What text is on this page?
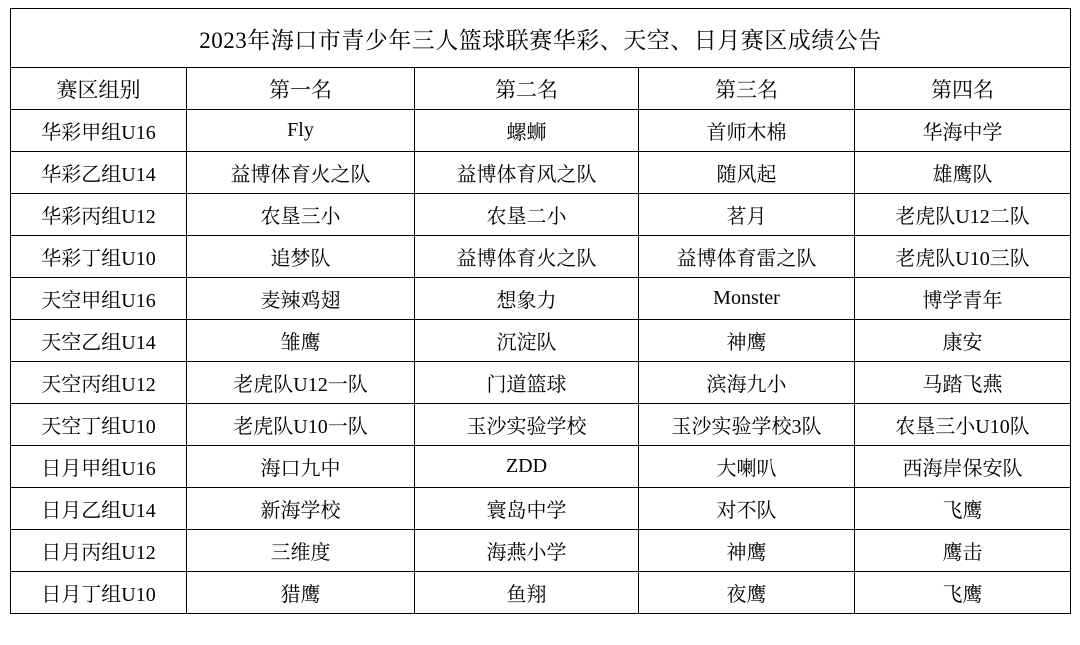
2023年海口市青少年三人篮球联赛华彩、天空、日月赛区成绩公告				
赛区组别	第一名	第二名	第三名	第四名
华彩甲组U16	Fly	螺蛳	首师木棉	华海中学
华彩乙组U14	益博体育火之队	益博体育风之队	随风起	雄鹰队
华彩丙组U12	农垦三小	农垦二小	茗月	老虎队U12二队
华彩丁组U10	追梦队	益博体育火之队	益博体育雷之队	老虎队U10三队
天空甲组U16	麦辣鸡翅	想象力	Monster	博学青年
天空乙组U14	雏鹰	沉淀队	神鹰	康安
天空丙组U12	老虎队U12一队	门道篮球	滨海九小	马踏飞燕
天空丁组U10	老虎队U10一队	玉沙实验学校	玉沙实验学校3队	农垦三小U10队
日月甲组U16	海口九中	ZDD	大喇叭	西海岸保安队
日月乙组U14	新海学校	寰岛中学	对不队	飞鹰
日月丙组U12	三维度	海燕小学	神鹰	鹰击
日月丁组U10	猎鹰	鱼翔	夜鹰	飞鹰
